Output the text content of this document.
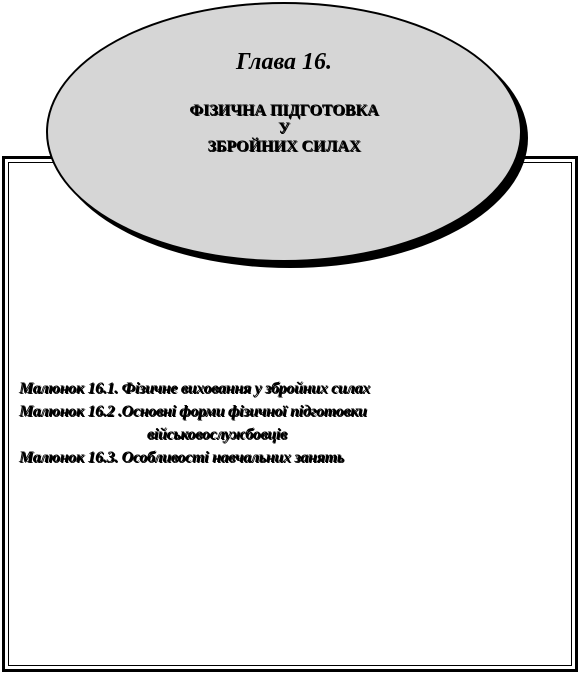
Глава 16.
ФІЗИЧНА ПІДГОТОВКА
У
ЗБРОЙНИХ СИЛАХ
Малюнок 16.1. Фізичне виховання у збройних силах
Малюнок 16.2 .Основні форми фізичної підготовки
військовослужбовців
Малюнок 16.3. Особливості навчальних занять
